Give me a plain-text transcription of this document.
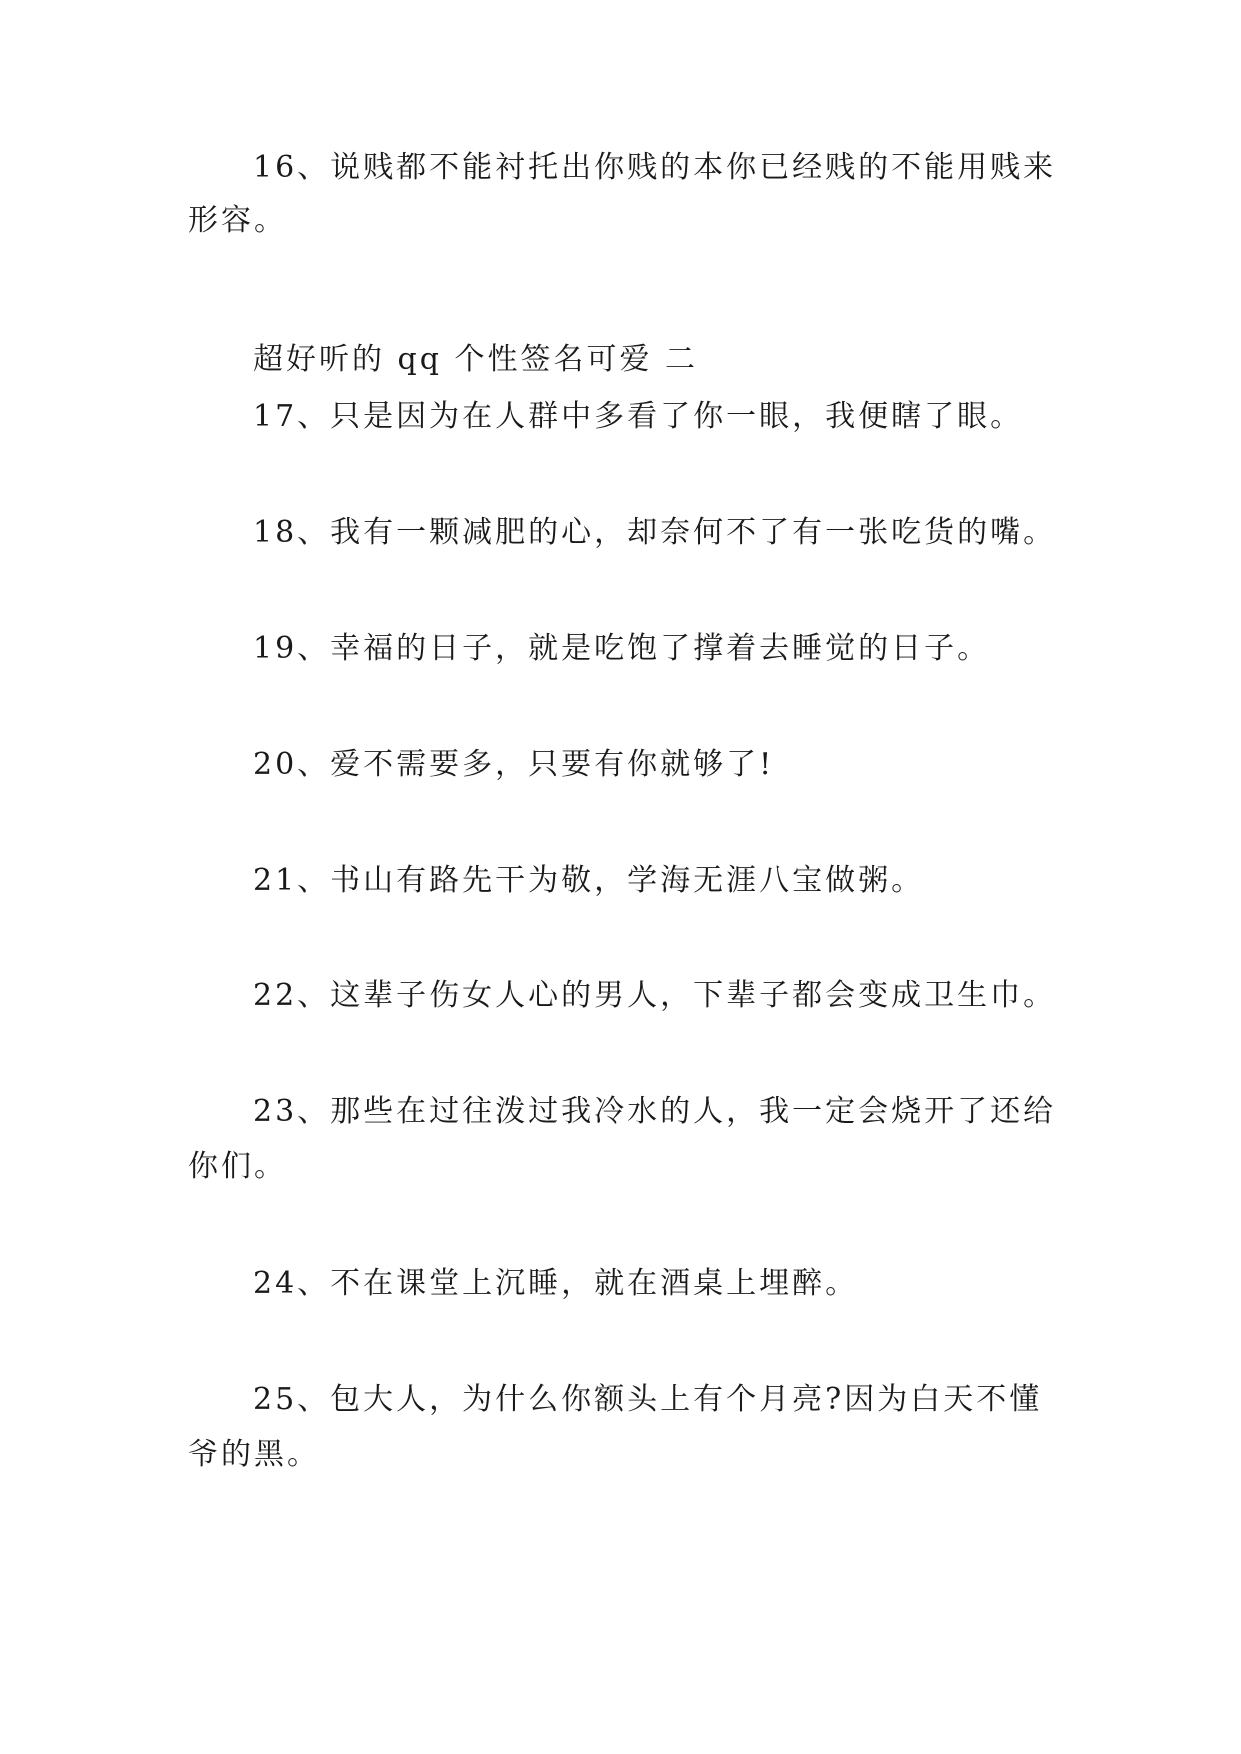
16、说贱都不能衬托出你贱的本你已经贱的不能用贱来
形容。
超好听的 qq 个性签名可爱 二
17、只是因为在人群中多看了你一眼，我便瞎了眼。
18、我有一颗减肥的心，却奈何不了有一张吃货的嘴。
19、幸福的日子，就是吃饱了撑着去睡觉的日子。
20、爱不需要多，只要有你就够了!
21、书山有路先干为敬，学海无涯八宝做粥。
22、这辈子伤女人心的男人，下辈子都会变成卫生巾。
23、那些在过往泼过我冷水的人，我一定会烧开了还给
你们。
24、不在课堂上沉睡，就在酒桌上埋醉。
25、包大人，为什么你额头上有个月亮?因为白天不懂
爷的黑。
